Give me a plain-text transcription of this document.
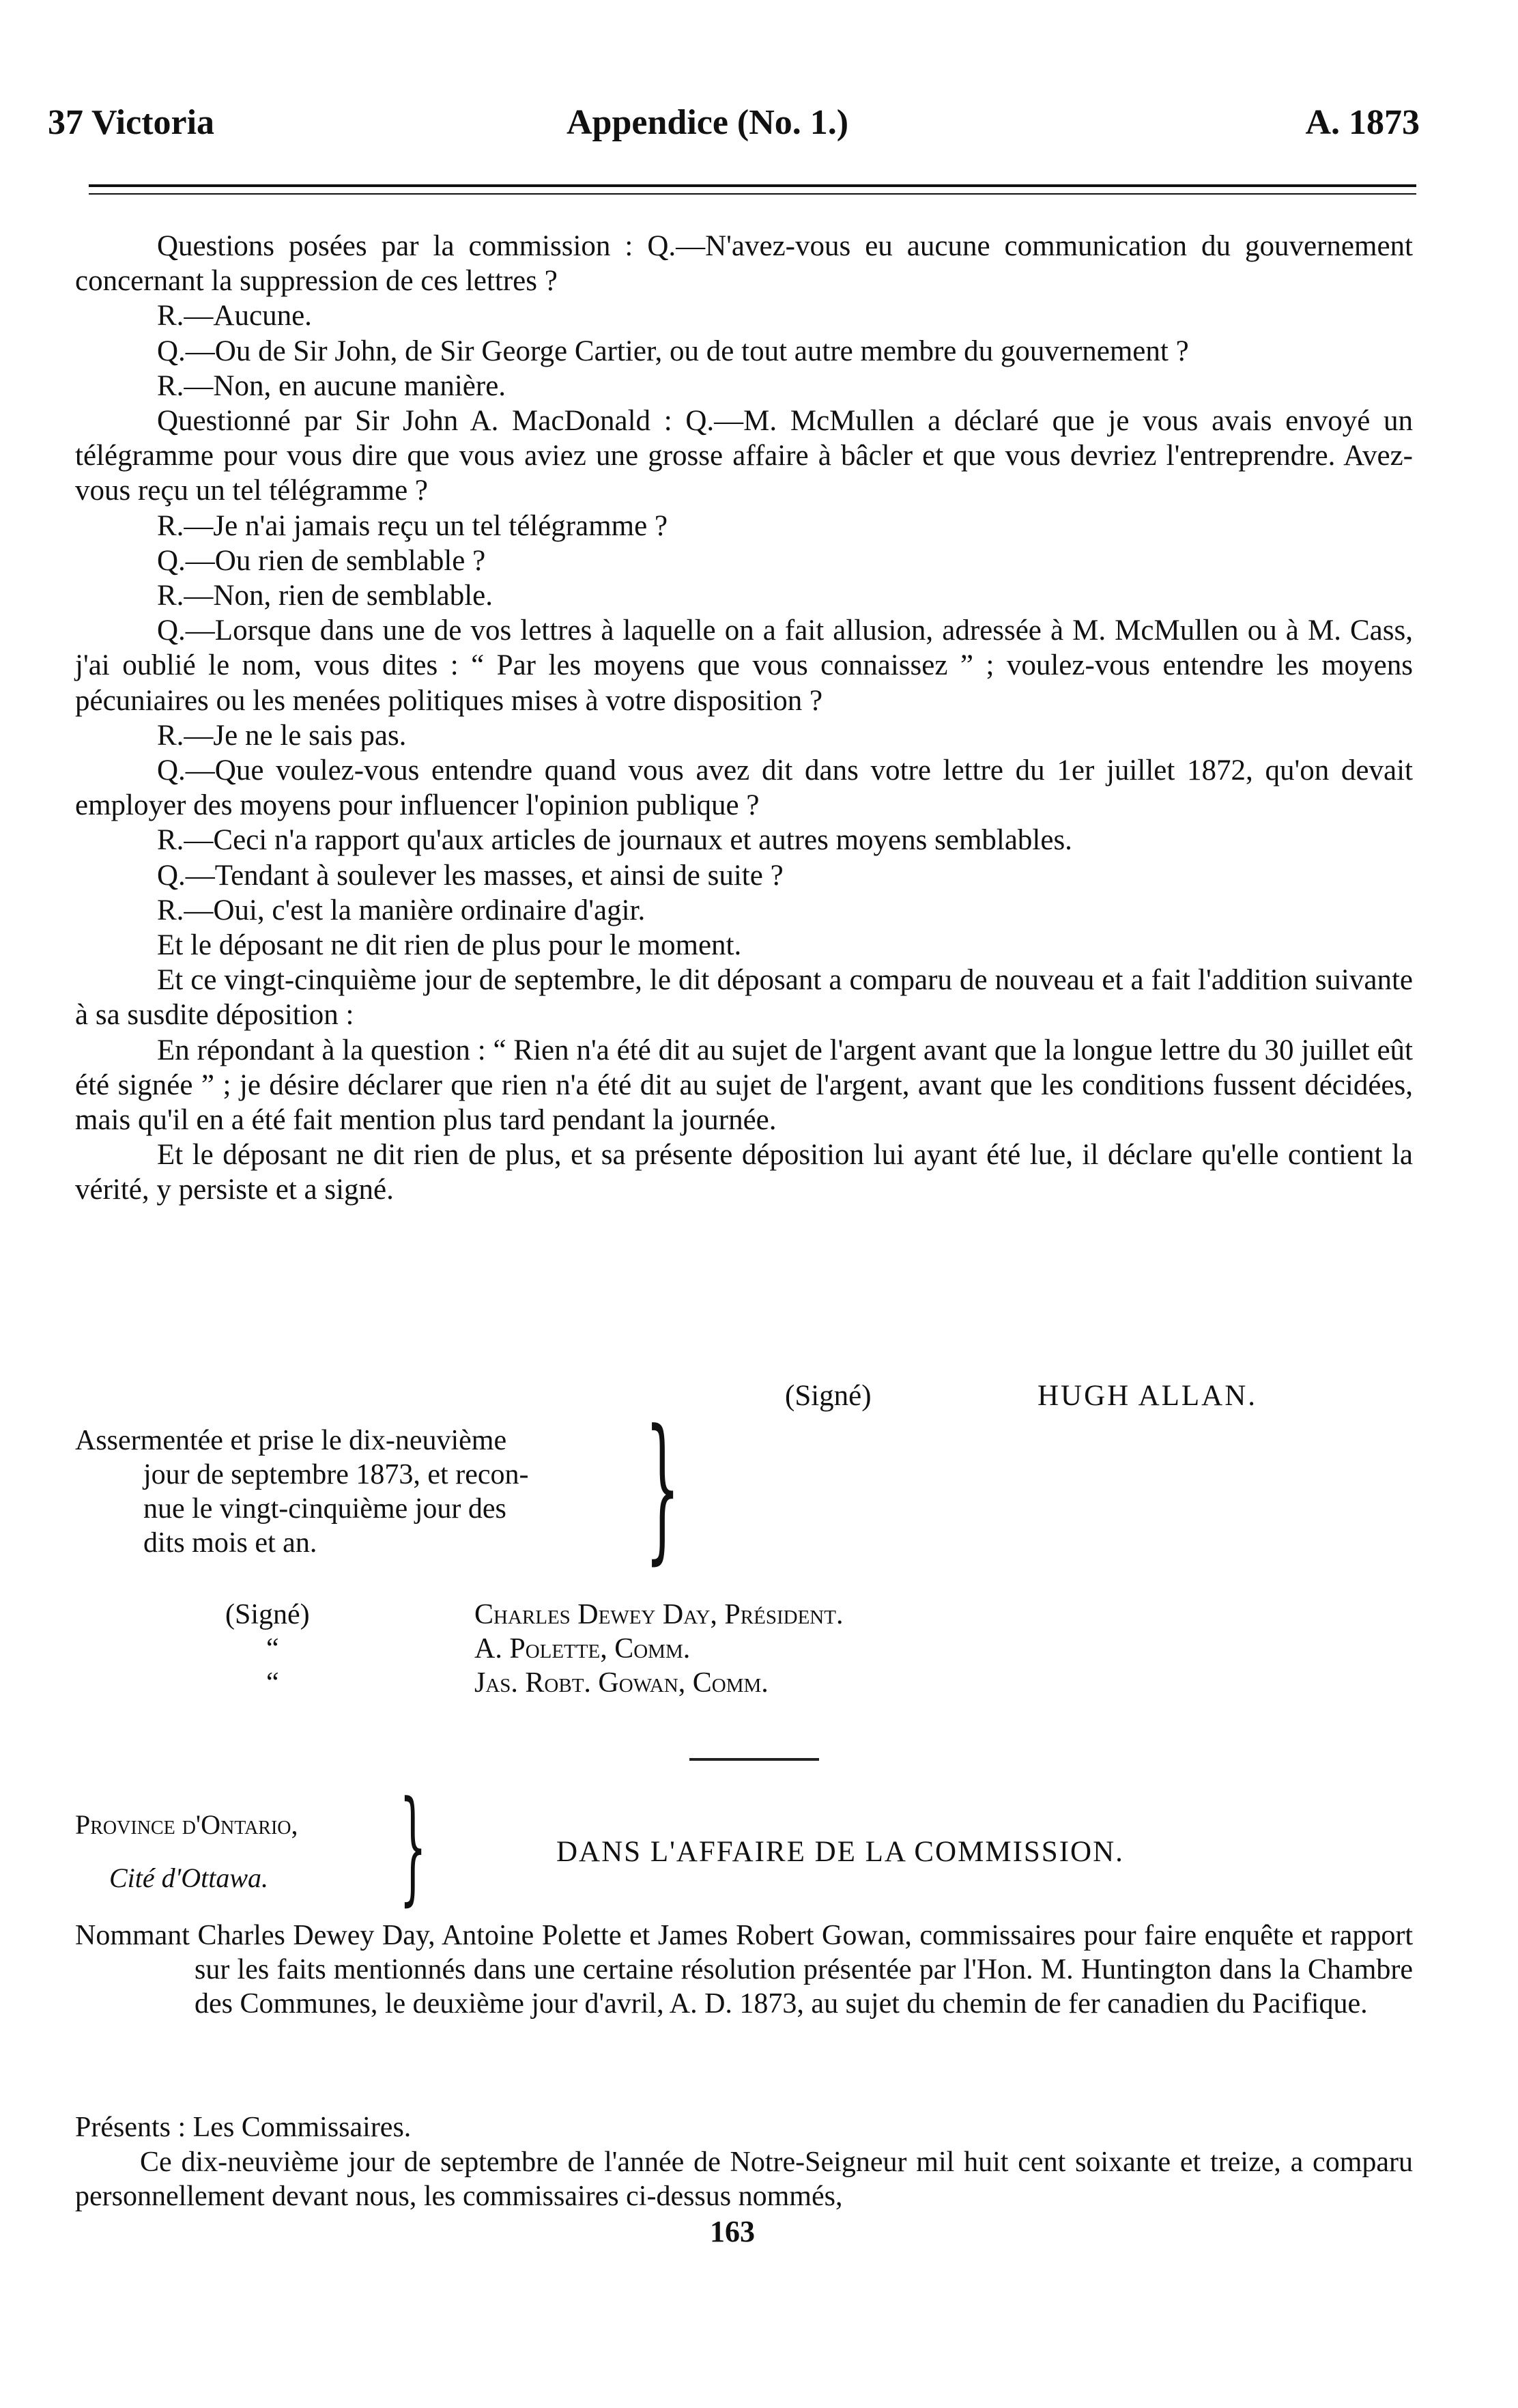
37 Victoria	Appendice (No. 1.)	A. 1873

Questions posées par la commission : Q.—N'avez-vous eu aucune communication du gouvernement concernant la suppression de ces lettres ?

R.—Aucune.

Q.—Ou de Sir John, de Sir George Cartier, ou de tout autre membre du gouvernement ?

R.—Non, en aucune manière.

Questionné par Sir John A. MacDonald : Q.—M. McMullen a déclaré que je vous avais envoyé un télégramme pour vous dire que vous aviez une grosse affaire à bâcler et que vous devriez l'entreprendre. Avez-vous reçu un tel télégramme ?

R.—Je n'ai jamais reçu un tel télégramme ?

Q.—Ou rien de semblable ?

R.—Non, rien de semblable.

Q.—Lorsque dans une de vos lettres à laquelle on a fait allusion, adressée à M. McMullen ou à M. Cass, j'ai oublié le nom, vous dites : “ Par les moyens que vous connaissez ” ; voulez-vous entendre les moyens pécuniaires ou les menées politiques mises à votre disposition ?

R.—Je ne le sais pas.

Q.—Que voulez-vous entendre quand vous avez dit dans votre lettre du 1er juillet 1872, qu'on devait employer des moyens pour influencer l'opinion publique ?

R.—Ceci n'a rapport qu'aux articles de journaux et autres moyens semblables.

Q.—Tendant à soulever les masses, et ainsi de suite ?

R.—Oui, c'est la manière ordinaire d'agir.

Et le déposant ne dit rien de plus pour le moment.

Et ce vingt-cinquième jour de septembre, le dit déposant a comparu de nouveau et a fait l'addition suivante à sa susdite déposition :

En répondant à la question : “ Rien n'a été dit au sujet de l'argent avant que la longue lettre du 30 juillet eût été signée ” ; je désire déclarer que rien n'a été dit au sujet de l'argent, avant que les conditions fussent décidées, mais qu'il en a été fait mention plus tard pendant la journée.

Et le déposant ne dit rien de plus, et sa présente déposition lui ayant été lue, il déclare qu'elle contient la vérité, y persiste et a signé.

(Signé)	HUGH ALLAN.

Assermentée et prise le dix-neuvième

jour de septembre 1873, et recon-

nue le vingt-cinquième jour des

dits mois et an.	}
(Signé)	Charles Dewey Day, Président.
“	A. Polette, Comm.
“	Jas. Robt. Gowan, Comm.
Province d'Ontario,
Cité d'Ottawa. }	DANS L'AFFAIRE DE LA COMMISSION.

Nommant Charles Dewey Day, Antoine Polette et James Robert Gowan, commissaires pour faire enquête et rapport sur les faits mentionnés dans une certaine résolution présentée par l'Hon. M. Huntington dans la Chambre des Communes, le deuxième jour d'avril, A. D. 1873, au sujet du chemin de fer canadien du Pacifique.

Présents : Les Commissaires.

Ce dix-neuvième jour de septembre de l'année de Notre-Seigneur mil huit cent soixante et treize, a comparu personnellement devant nous, les commissaires ci-dessus nommés,

163
